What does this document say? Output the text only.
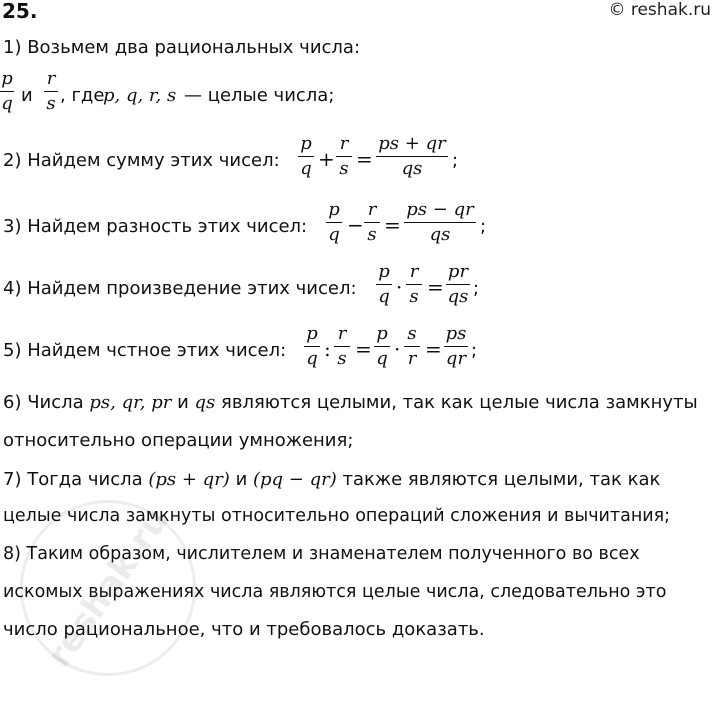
reshak.ru
25.	© reshak.ru
1) Возьмем два рациональных числа:
p
q и
r
s , где
p, q, r, s — целые числа;
2) Найдем сумму этих чисел:
p
q +
r
s =
ps + qr
qs	;
3) Найдем разность этих чисел:
p
q −
r
s =
ps − qr
qs	;
4) Найдем произведение этих чисел:
p
q ·
r
s =
pr
qs ;
5) Найдем чстное этих чисел:
p
q :
r
s =
p
q ·
s
r =
ps
qr ;
6) Числа ps, qr, pr и qs являются целыми, так как целые числа замкнуты
относительно операции умножения;
7) Тогда числа (ps + qr) и (pq − qr) также являются целыми, так как
целые числа замкнуты относительно операций сложения и вычитания;
8) Таким образом, числителем и знаменателем полученного во всех
искомых выражениях числа являются целые числа, следовательно это
число рациональное, что и требовалось доказать.
